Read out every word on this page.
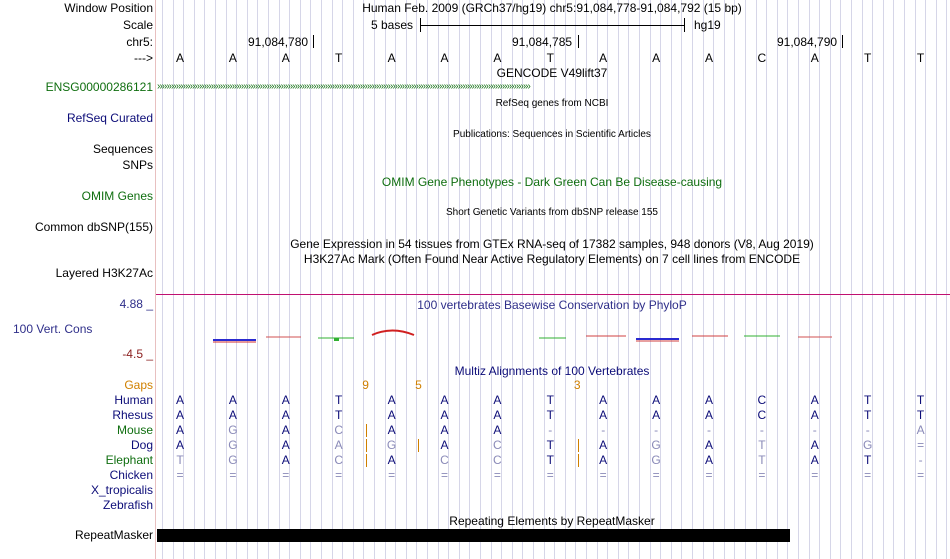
Window Position	Human Feb. 2009 (GRCh37/hg19) chr5:91,084,778-91,084,792 (15 bp)
Scale	5 bases	hg19
chr5:	91,084,780	91,084,785	91,084,790
--->
GENCODE V49lift37
ENSG00000286121 ››››››››››››››››››››››››››››››››››››››››››››››››››››››››››››››››››››››››››››››››››››››››››››››››››››››››››››››››››››››››››››››››››››››››››››››››››››››››››››››››
RefSeq genes from NCBI
RefSeq Curated
Publications: Sequences in Scientific Articles
Sequences
SNPs
OMIM Gene Phenotypes - Dark Green Can Be Disease-causing
OMIM Genes
Short Genetic Variants from dbSNP release 155
Common dbSNP(155)
Gene Expression in 54 tissues from GTEx RNA-seq of 17382 samples, 948 donors (V8, Aug 2019)
H3K27Ac Mark (Often Found Near Active Regulatory Elements) on 7 cell lines from ENCODE
Layered H3K27Ac
4.88 _	100 vertebrates Basewise Conservation by PhyloP
100 Vert. Cons
-4.5 _
Multiz Alignments of 100 Vertebrates
Gaps
Repeating Elements by RepeatMasker
RepeatMasker
A	A	A	T	A	A	A	T	A	A	A	C	A	T	T
9	5	3
Human	A	A	A	T	A	A	A	T	A	A	A	C	A	T	T
Rhesus	A	A	A	T	A	A	A	T	A	A	A	C	A	T	T
Mouse	A	G	A	C	A	A	A	-	-	-	-	-	-	-	A
Dog	A	G	A	A	G	A	C	T	A	G	A	T	A	G	=
Elephant	T	G	A	C	A	C	C	T	A	G	A	T	A	T	-
Chicken	=	=	=	=	=	=	=	=	=	=	=	=	=	=	=
X_tropicalis
Zebrafish
